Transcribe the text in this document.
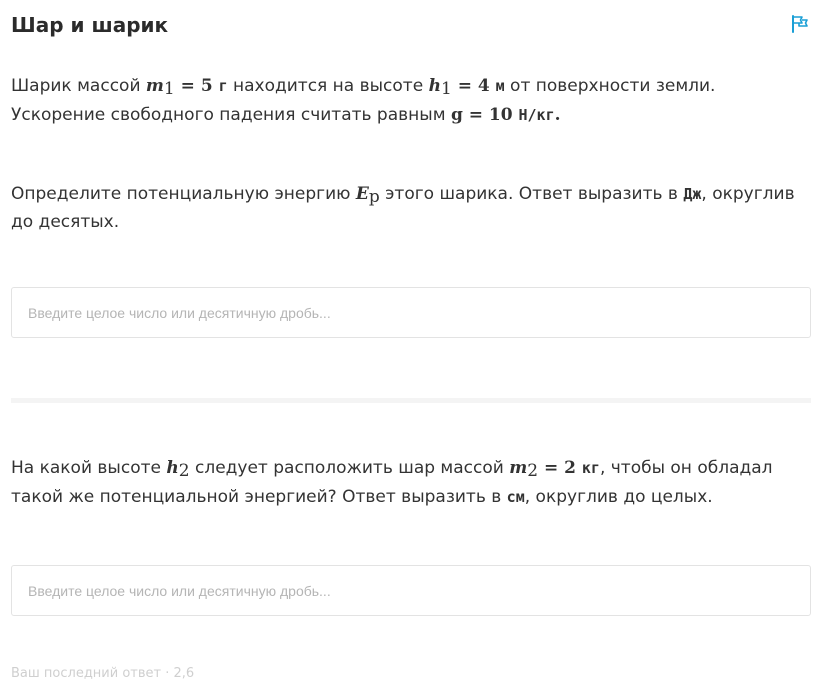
Шар и шарик
Шарик массой $m_1 = 5$ г находится на высоте $h_1 = 4$ м от поверхности земли. Ускорение свободного падения считать равным g = 10 Н/кг.
Определите потенциальную энергию $E_p$ этого шарика. Ответ выразить в Дж, округлив до десятых.
Введите целое число или десятичную дробь...
На какой высоте $h_2$ следует расположить шар массой $m_2 = 2$ кг, чтобы он обладал такой же потенциальной энергией? Ответ выразить в см, округлив до целых.
Введите целое число или десятичную дробь...
Ваш последний ответ · 2,6
